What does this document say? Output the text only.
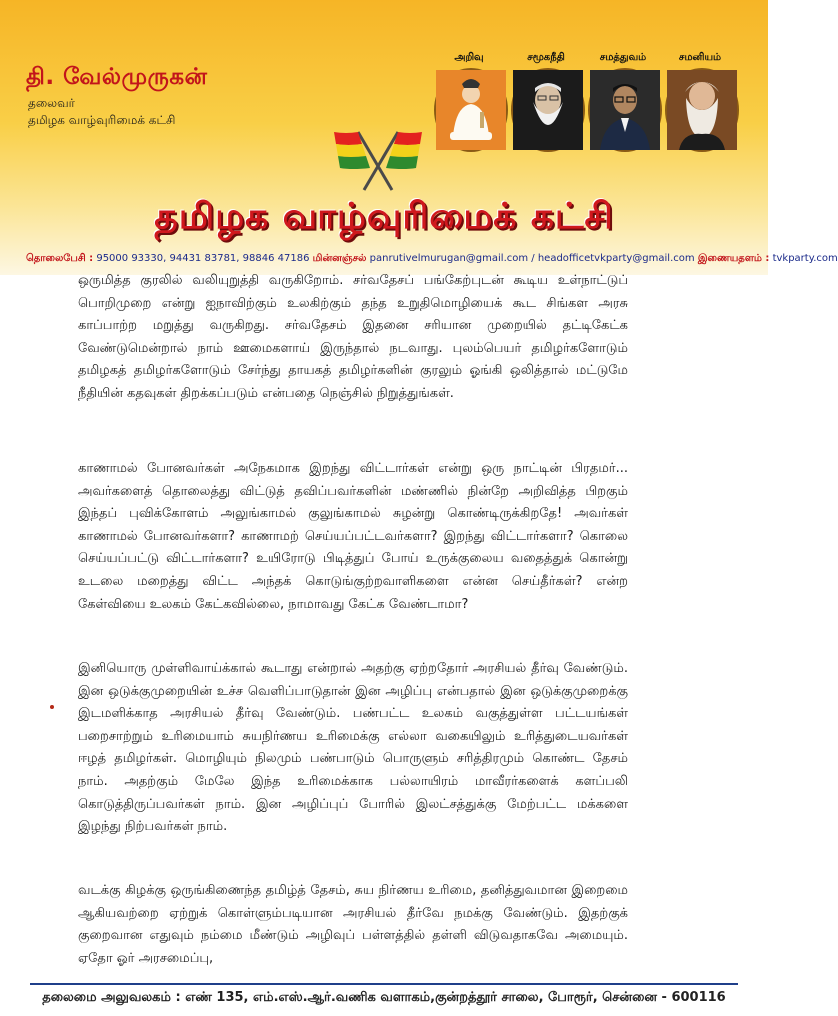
தி. வேல்முருகன்
தலைவர்
தமிழக வாழ்வுரிமைக் கட்சி
அறிவு	சமூகநீதி	சமத்துவம்	சமனியம்
தமிழக வாழ்வுரிமைக் கட்சி
தொலைபேசி : 95000 93330, 94431 83781, 98846 47186 மின்னஞ்சல் panrutivelmurugan@gmail.com / headofficetvkparty@gmail.com இணையதளம் : tvkparty.com
ஒருமித்த குரலில் வலியுறுத்தி வருகிறோம். சர்வதேசப் பங்கேற்புடன் கூடிய உள்நாட்டுப் பொறிமுறை என்று ஐநாவிற்கும் உலகிற்கும் தந்த உறுதிமொழியைக் கூட சிங்கள அரசு காப்பாற்ற மறுத்து வருகிறது. சர்வதேசம் இதனை சரியான முறையில் தட்டிகேட்க வேண்டுமென்றால் நாம் ஊமைகளாய் இருந்தால் நடவாது. புலம்பெயர் தமிழர்களோடும் தமிழகத் தமிழர்களோடும் சேர்ந்து தாயகத் தமிழர்களின் குரலும் ஓங்கி ஒலித்தால் மட்டுமே நீதியின் கதவுகள் திறக்கப்படும் என்பதை நெஞ்சில் நிறுத்துங்கள்.
காணாமல் போனவர்கள் அநேகமாக இறந்து விட்டார்கள் என்று ஒரு நாட்டின் பிரதமர்... அவர்களைத் தொலைத்து விட்டுத் தவிப்பவர்களின் மண்ணில் நின்றே அறிவித்த பிறகும் இந்தப் புவிக்கோளம் அலுங்காமல் குலுங்காமல் சுழன்று கொண்டிருக்கிறதே! அவர்கள் காணாமல் போனவர்களா? காணாமற் செய்யப்பட்டவர்களா? இறந்து விட்டார்களா? கொலை செய்யப்பட்டு விட்டார்களா? உயிரோடு பிடித்துப் போய் உருக்குலைய வதைத்துக் கொன்று உடலை மறைத்து விட்ட அந்தக் கொடுங்குற்றவாளிகளை என்ன செய்தீர்கள்? என்ற கேள்வியை உலகம் கேட்கவில்லை, நாமாவது கேட்க வேண்டாமா?
இனியொரு முள்ளிவாய்க்கால் கூடாது என்றால் அதற்கு ஏற்றதோர் அரசியல் தீர்வு வேண்டும். இன ஒடுக்குமுறையின் உச்ச வெளிப்பாடுதான் இன அழிப்பு என்பதால் இன ஒடுக்குமுறைக்கு இடமளிக்காத அரசியல் தீர்வு வேண்டும். பண்பட்ட உலகம் வகுத்துள்ள பட்டயங்கள் பறைசாற்றும் உரிமையாம் சுயநிர்ணய உரிமைக்கு எல்லா வகையிலும் உரித்துடையவர்கள் ஈழத் தமிழர்கள். மொழியும் நிலமும் பண்பாடும் பொருளும் சரித்திரமும் கொண்ட தேசம் நாம். அதற்கும் மேலே இந்த உரிமைக்காக பல்லாயிரம் மாவீரர்களைக் களப்பலி கொடுத்திருப்பவர்கள் நாம். இன அழிப்புப் போரில் இலட்சத்துக்கு மேற்பட்ட மக்களை இழந்து நிற்பவர்கள் நாம்.
வடக்கு கிழக்கு ஒருங்கிணைந்த தமிழ்த் தேசம், சுய நிர்ணய உரிமை, தனித்துவமான இறைமை ஆகியவற்றை ஏற்றுக் கொள்ளும்படியான அரசியல் தீர்வே நமக்கு வேண்டும். இதற்குக் குறைவான எதுவும் நம்மை மீண்டும் அழிவுப் பள்ளத்தில் தள்ளி விடுவதாகவே அமையும். ஏதோ ஓர் அரசமைப்பு,
தலைமை அலுவலகம் : எண் 135, எம்.எஸ்.ஆர்.வணிக வளாகம்,குன்றத்தூர் சாலை, போரூர், சென்னை - 600116
